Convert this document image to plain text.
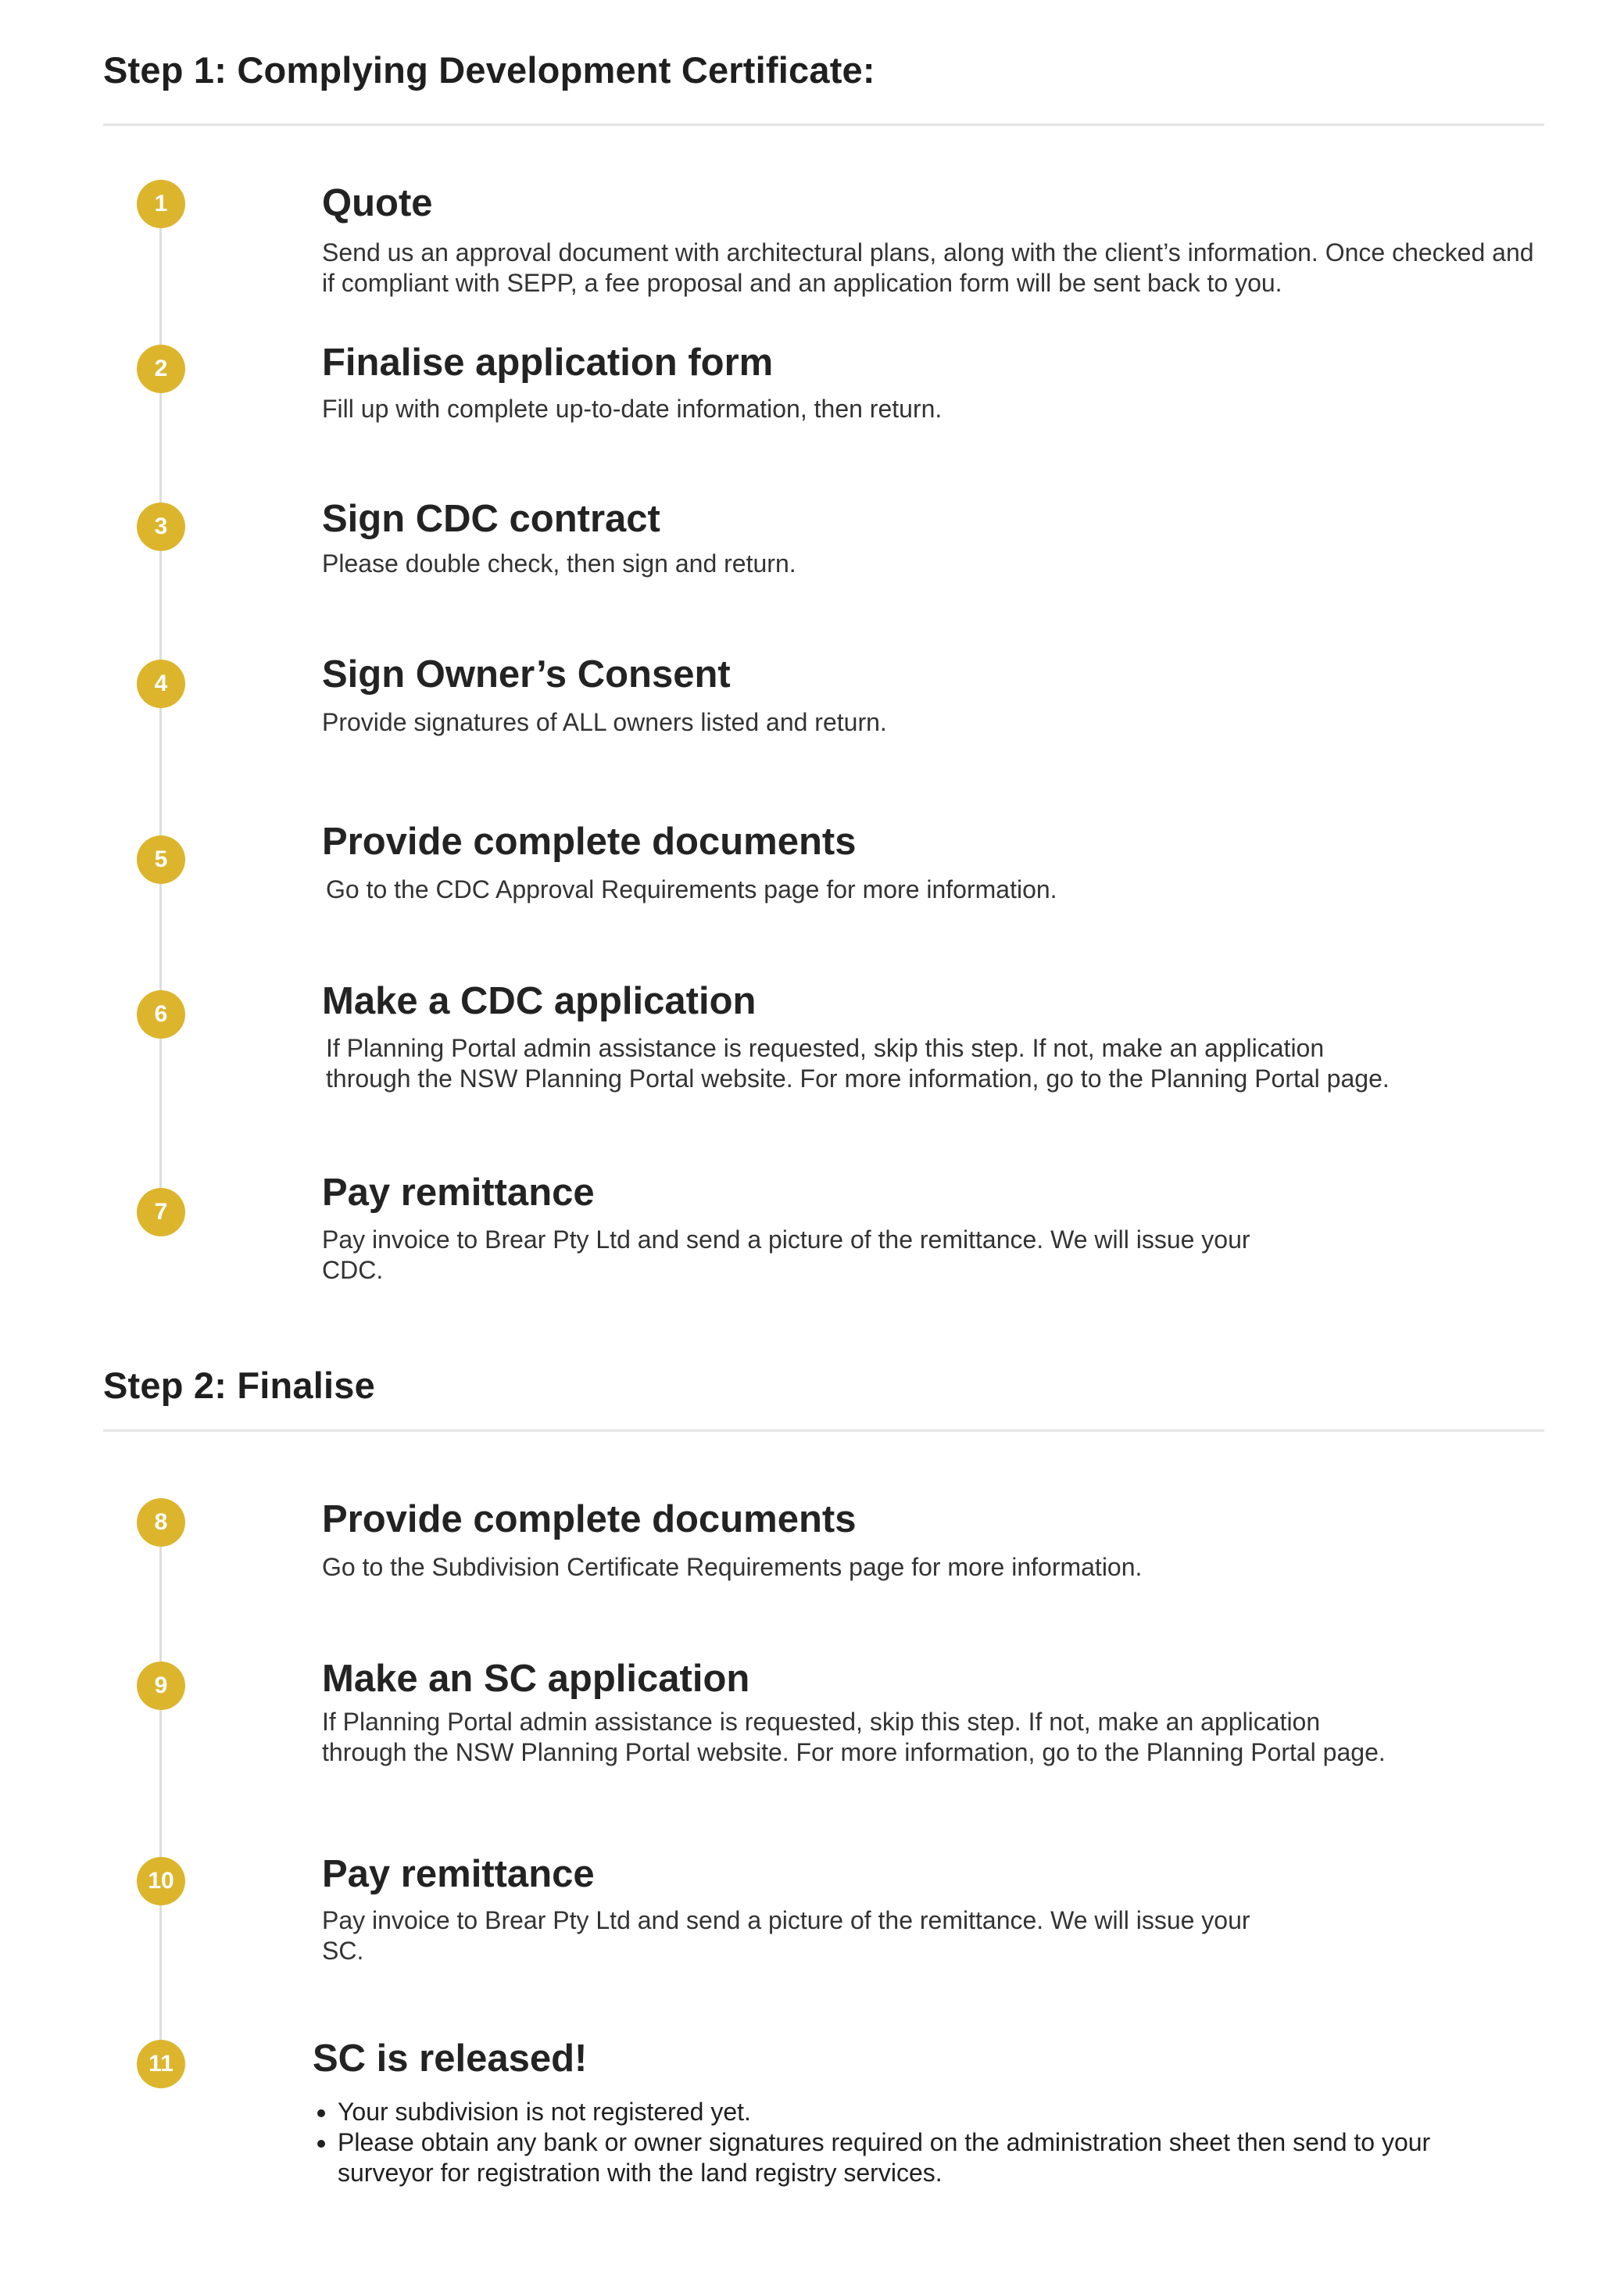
Step 1: Complying Development Certificate:
1	Quote

Send us an approval document with architectural plans, along with the client’s information. Once checked and if compliant with SEPP, a fee proposal and an application form will be sent back to you.

2	Finalise application form

Fill up with complete up-to-date information, then return.

3	Sign CDC contract

Please double check, then sign and return.

4	Sign Owner’s Consent

Provide signatures of ALL owners listed and return.

5	Provide complete documents

Go to the CDC Approval Requirements page for more information.

6	Make a CDC application

If Planning Portal admin assistance is requested, skip this step. If not, make an application through the NSW Planning Portal website. For more information, go to the Planning Portal page.

7	Pay remittance

Pay invoice to Brear Pty Ltd and send a picture of the remittance. We will issue your CDC.

Step 2: Finalise
8	Provide complete documents

Go to the Subdivision Certificate Requirements page for more information.

9	Make an SC application

If Planning Portal admin assistance is requested, skip this step. If not, make an application through the NSW Planning Portal website. For more information, go to the Planning Portal page.

10	Pay remittance

Pay invoice to Brear Pty Ltd and send a picture of the remittance. We will issue your SC.

11	SC is released!
• Your subdivision is not registered yet.
• Please obtain any bank or owner signatures required on the administration sheet then send to your surveyor for registration with the land registry services.
